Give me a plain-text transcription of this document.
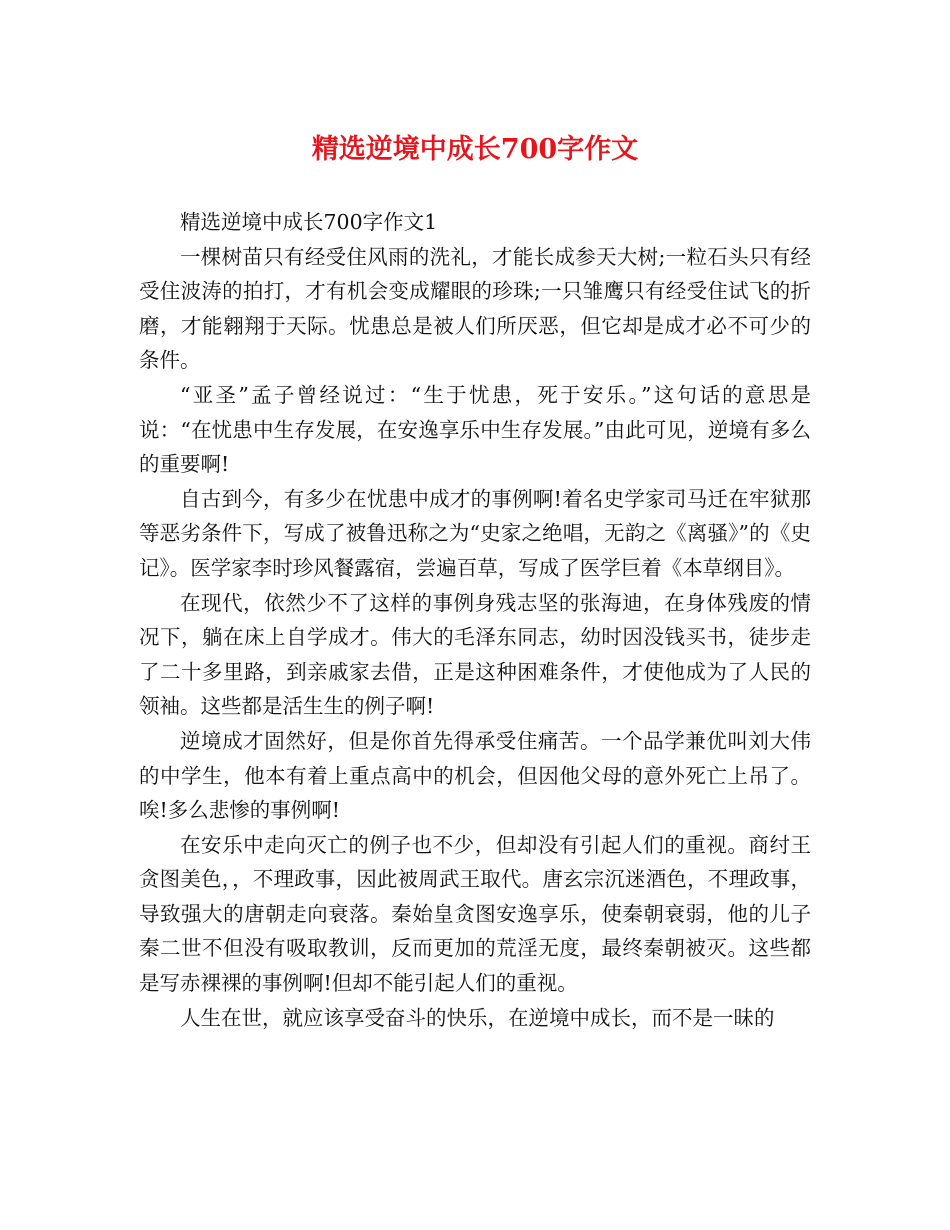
精选逆境中成长700字作文

精选逆境中成长700字作文1

一棵树苗只有经受住风雨的洗礼，才能长成参天大树;一粒石头只有经受住波涛的拍打，才有机会变成耀眼的珍珠;一只雏鹰只有经受住试飞的折磨，才能翱翔于天际。忧患总是被人们所厌恶，但它却是成才必不可少的条件。

“亚圣”孟子曾经说过：“生于忧患，死于安乐。”这句话的意思是说：“在忧患中生存发展，在安逸享乐中生存发展。”由此可见，逆境有多么的重要啊!

自古到今，有多少在忧患中成才的事例啊!着名史学家司马迁在牢狱那等恶劣条件下，写成了被鲁迅称之为“史家之绝唱，无韵之《离骚》”的《史记》。医学家李时珍风餐露宿，尝遍百草，写成了医学巨着《本草纲目》。

在现代，依然少不了这样的事例身残志坚的张海迪，在身体残废的情况下，躺在床上自学成才。伟大的毛泽东同志，幼时因没钱买书，徒步走了二十多里路，到亲戚家去借，正是这种困难条件，才使他成为了人民的领袖。这些都是活生生的例子啊!

逆境成才固然好，但是你首先得承受住痛苦。一个品学兼优叫刘大伟的中学生，他本有着上重点高中的机会，但因他父母的意外死亡上吊了。唉!多么悲惨的事例啊!

在安乐中走向灭亡的例子也不少，但却没有引起人们的重视。商纣王贪图美色，，不理政事，因此被周武王取代。唐玄宗沉迷酒色，不理政事，导致强大的唐朝走向衰落。秦始皇贪图安逸享乐，使秦朝衰弱，他的儿子秦二世不但没有吸取教训，反而更加的荒淫无度，最终秦朝被灭。这些都是写赤裸裸的事例啊!但却不能引起人们的重视。

人生在世，就应该享受奋斗的快乐，在逆境中成长，而不是一昧的
